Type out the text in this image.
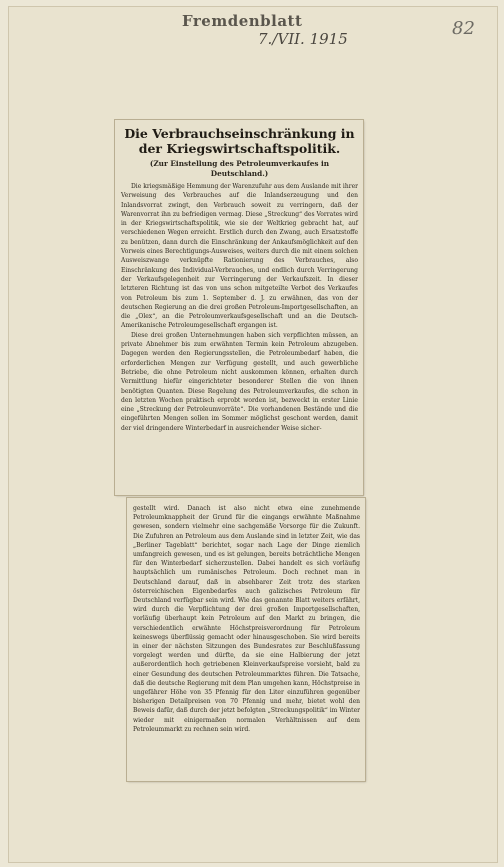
Fremdenblatt
7./VII. 1915	82
Die Verbrauchseinschränkung in der Kriegswirtschaftspolitik.
(Zur Einstellung des Petroleumverkaufes in Deutschland.)

Die kriegsmäßige Hemmung der Warenzufuhr aus dem Auslande mit ihrer Verweisung des Verbrauches auf die Inlandserzeugung und den Inlandsvorrat zwingt, den Verbrauch soweit zu verringern, daß der Warenvorrat ihn zu befriedigen vermag. Diese „Streckung“ des Vorrates wird in der Kriegswirtschaftspolitik, wie sie der Weltkrieg gebracht hat, auf verschiedenen Wegen erreicht. Erstlich durch den Zwang, auch Ersatzstoffe zu benützen, dann durch die Einschränkung der Ankaufsmöglichkeit auf den Vorweis eines Berechtigungs-Ausweises, weiters durch die mit einem solchen Ausweiszwange verknüpfte Rationierung des Verbrauches, also Einschränkung des Individual-Verbrauches, und endlich durch Verringerung der Verkaufsgelegenheit zur Verringerung der Verkaufszeit. In dieser letzteren Richtung ist das von uns schon mitgeteilte Verbot des Verkaufes von Petroleum bis zum 1. September d. J. zu erwähnen, das von der deutschen Regierung an die drei großen Petroleum-Importgesellschaften, an die „Olex“, an die Petroleumverkaufsgesellschaft und an die Deutsch-Amerikanische Petroleumgesellschaft ergangen ist.

Diese drei großen Unternehmungen haben sich verpflichten müssen, an private Abnehmer bis zum erwähnten Termin kein Petroleum abzugeben. Dagegen werden den Regierungsstellen, die Petroleumbedarf haben, die erforderlichen Mengen zur Verfügung gestellt, und auch gewerbliche Betriebe, die ohne Petroleum nicht auskommen können, erhalten durch Vermittlung hiefür eingerichteter besonderer Stellen die von ihnen benötigten Quanten. Diese Regelung des Petroleumverkaufes, die schon in den letzten Wochen praktisch erprobt worden ist, bezweckt in erster Linie eine „Streckung der Petroleumvorräte“. Die vorhandenen Bestände und die eingeführten Mengen sollen im Sommer möglichst geschont werden, damit der viel dringendere Winterbedarf in ausreichender Weise sicher-

gestellt wird. Danach ist also nicht etwa eine zunehmende Petroleumknappheit der Grund für die eingangs erwähnte Maßnahme gewesen, sondern vielmehr eine sachgemäße Vorsorge für die Zukunft. Die Zufuhren an Petroleum aus dem Auslande sind in letzter Zeit, wie das „Berliner Tageblatt“ berichtet, sogar nach Lage der Dinge ziemlich umfangreich gewesen, und es ist gelungen, bereits beträchtliche Mengen für den Winterbedarf sicherzustellen. Dabei handelt es sich vorläufig hauptsächlich um rumänisches Petroleum. Doch rechnet man in Deutschland darauf, daß in absehbarer Zeit trotz des starken österreichischen Eigenbedarfes auch galizisches Petroleum für Deutschland verfügbar sein wird. Wie das genannte Blatt weiters erfährt, wird durch die Verpflichtung der drei großen Importgesellschaften, vorläufig überhaupt kein Petroleum auf den Markt zu bringen, die verschiedentlich erwähnte Höchstpreisverordnung für Petroleum keineswegs überflüssig gemacht oder hinausgeschoben. Sie wird bereits in einer der nächsten Sitzungen des Bundesrates zur Beschlußfassung vorgelegt werden und dürfte, da sie eine Halbierung der jetzt außerordentlich hoch getriebenen Kleinverkaufspreise vorsieht, bald zu einer Gesundung des deutschen Petroleummarktes führen. Die Tatsache, daß die deutsche Regierung mit dem Plan umgehen kann, Höchstpreise in ungefährer Höhe von 35 Pfennig für den Liter einzuführen gegenüber bisherigen Detailpreisen von 70 Pfennig und mehr, bietet wohl den Beweis dafür, daß durch der jetzt befolgten „Streckungspolitik“ im Winter wieder mit einigermaßen normalen Verhältnissen auf dem Petroleummarkt zu rechnen sein wird.
